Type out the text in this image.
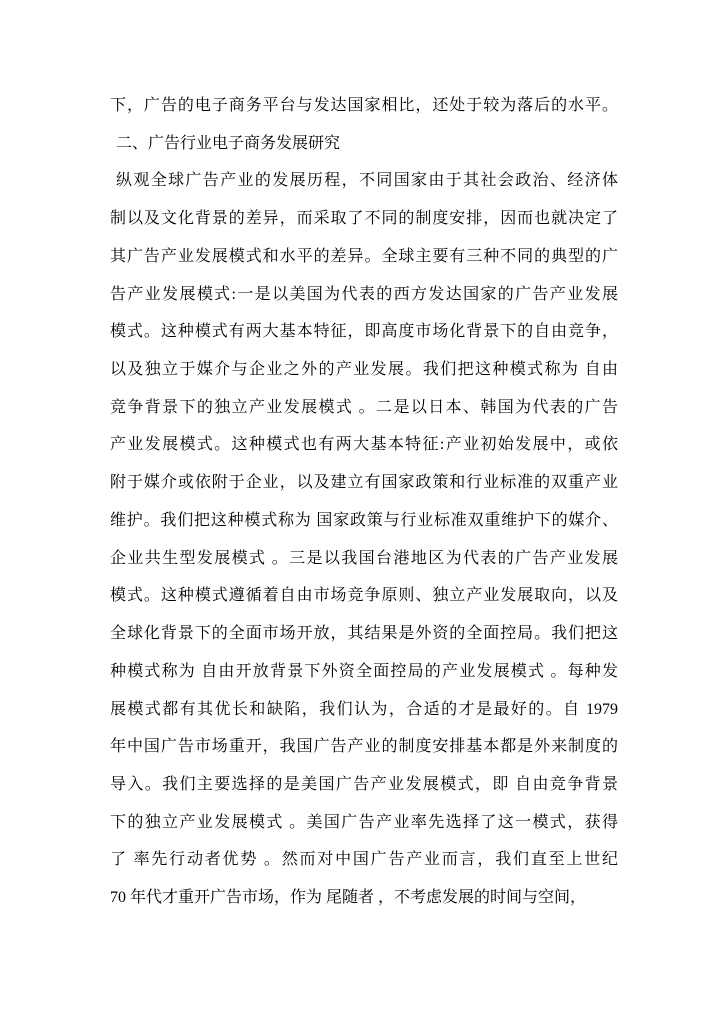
下，广告的电子商务平台与发达国家相比，还处于较为落后的水平。
二、广告行业电子商务发展研究
纵观全球广告产业的发展历程，不同国家由于其社会政治、经济体
制以及文化背景的差异，而采取了不同的制度安排，因而也就决定了
其广告产业发展模式和水平的差异。全球主要有三种不同的典型的广
告产业发展模式:一是以美国为代表的西方发达国家的广告产业发展
模式。这种模式有两大基本特征，即高度市场化背景下的自由竞争，
以及独立于媒介与企业之外的产业发展。我们把这种模式称为 自由
竞争背景下的独立产业发展模式 。二是以日本、韩国为代表的广告
产业发展模式。这种模式也有两大基本特征:产业初始发展中，或依
附于媒介或依附于企业，以及建立有国家政策和行业标准的双重产业
维护。我们把这种模式称为 国家政策与行业标准双重维护下的媒介、
企业共生型发展模式 。三是以我国台港地区为代表的广告产业发展
模式。这种模式遵循着自由市场竞争原则、独立产业发展取向，以及
全球化背景下的全面市场开放，其结果是外资的全面控局。我们把这
种模式称为 自由开放背景下外资全面控局的产业发展模式 。每种发
展模式都有其优长和缺陷，我们认为，合适的才是最好的。自 1979
年中国广告市场重开，我国广告产业的制度安排基本都是外来制度的
导入。我们主要选择的是美国广告产业发展模式，即 自由竞争背景
下的独立产业发展模式 。美国广告产业率先选择了这一模式，获得
了 率先行动者优势 。然而对中国广告产业而言，我们直至上世纪
70 年代才重开广告市场，作为 尾随者 ，不考虑发展的时间与空间，
